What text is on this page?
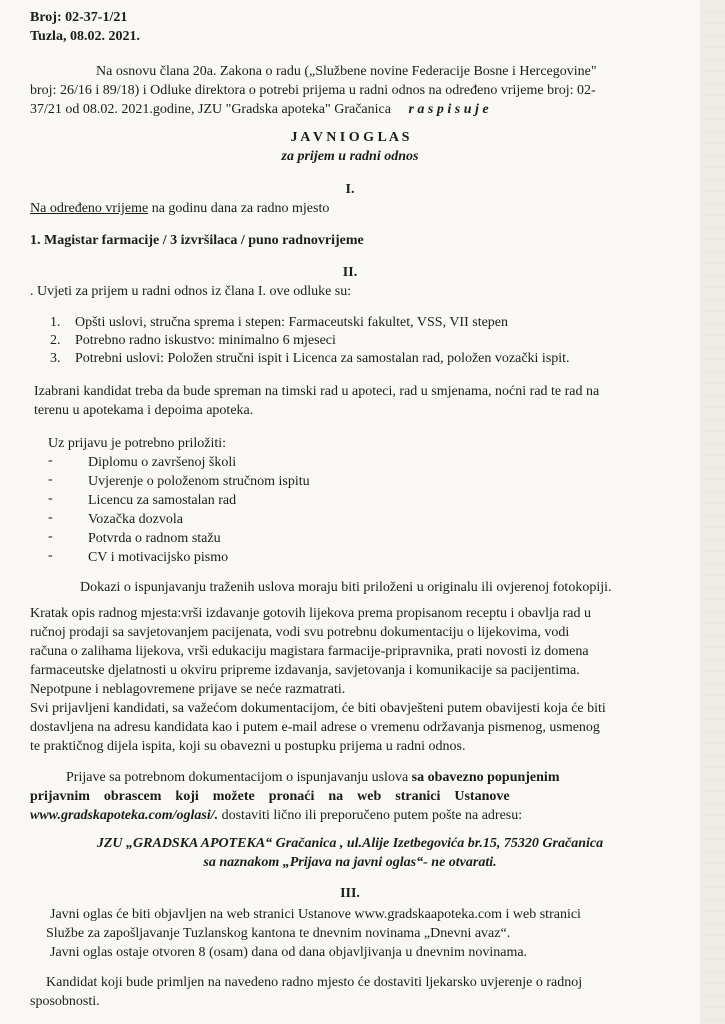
Broj: 02-37-1/21
Tuzla, 08.02. 2021.
Na osnovu člana 20a. Zakona o radu („Službene novine Federacije Bosne i Hercegovine"
broj: 26/16 i 89/18) i Odluke direktora o potrebi prijema u radni odnos na određeno vrijeme broj: 02-
37/21 od 08.02. 2021.godine, JZU "Gradska apoteka" Gračanica r a s p i s u j e
J A V N I O G L A S
za prijem u radni odnos
I.
Na određeno vrijeme na godinu dana za radno mjesto
1. Magistar farmacije / 3 izvršilaca / puno radnovrijeme
II.
. Uvjeti za prijem u radni odnos iz člana I. ove odluke su:
1. Opšti uslovi, stručna sprema i stepen: Farmaceutski fakultet, VSS, VII stepen
2. Potrebno radno iskustvo: minimalno 6 mjeseci
3. Potrebni uslovi: Položen stručni ispit i Licenca za samostalan rad, položen vozački ispit.
Izabrani kandidat treba da bude spreman na timski rad u apoteci, rad u smjenama, noćni rad te rad na
terenu u apotekama i depoima apoteka.
Uz prijavu je potrebno priložiti:
-	Diplomu o završenoj školi
-	Uvjerenje o položenom stručnom ispitu
-	Licencu za samostalan rad
-	Vozačka dozvola
-	Potvrda o radnom stažu
-	CV i motivacijsko pismo
Dokazi o ispunjavanju traženih uslova moraju biti priloženi u originalu ili ovjerenoj fotokopiji.
Kratak opis radnog mjesta:vrši izdavanje gotovih lijekova prema propisanom receptu i obavlja rad u
ručnoj prodaji sa savjetovanjem pacijenata, vodi svu potrebnu dokumentaciju o lijekovima, vodi
računa o zalihama lijekova, vrši edukaciju magistara farmacije-pripravnika, prati novosti iz domena
farmaceutske djelatnosti u okviru pripreme izdavanja, savjetovanja i komunikacije sa pacijentima.
Nepotpune i neblagovremene prijave se neće razmatrati.
Svi prijavljeni kandidati, sa važećom dokumentacijom, će biti obavješteni putem obavijesti koja će biti
dostavljena na adresu kandidata kao i putem e-mail adrese o vremenu održavanja pismenog, usmenog
te praktičnog dijela ispita, koji su obavezni u postupku prijema u radni odnos.
Prijave sa potrebnom dokumentacijom o ispunjavanju uslova sa obavezno popunjenim
prijavnim    obrascem    koji    možete    pronaći    na    web    stranici    Ustanove
www.gradskapoteka.com/oglasi/. dostaviti lično ili preporučeno putem pošte na adresu:
JZU „GRADSKA APOTEKA“ Gračanica , ul.Alije Izetbegovića br.15, 75320 Gračanica
sa naznakom „Prijava na javni oglas“- ne otvarati.
III.
Javni oglas će biti objavljen na web stranici Ustanove www.gradskaapoteka.com i web stranici
Službe za zapošljavanje Tuzlanskog kantona te dnevnim novinama „Dnevni avaz“.
Javni oglas ostaje otvoren 8 (osam) dana od dana objavljivanja u dnevnim novinama.
Kandidat koji bude primljen na navedeno radno mjesto će dostaviti ljekarsko uvjerenje o radnoj
sposobnosti.
